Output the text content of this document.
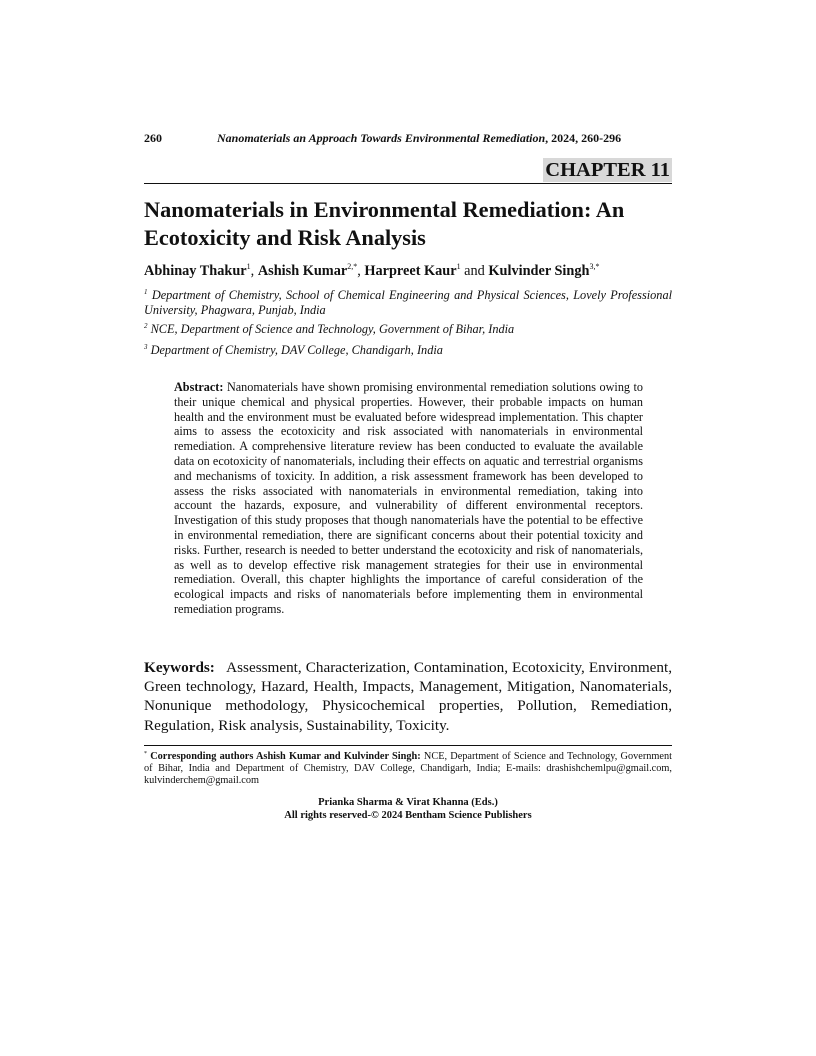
260	Nanomaterials an Approach Towards Environmental Remediation, 2024, 260-296
CHAPTER 11
Nanomaterials in Environmental Remediation: An
Ecotoxicity and Risk Analysis
Abhinay Thakur$^1$, Ashish Kumar$^{2,*}$, Harpreet Kaur$^1$ and Kulvinder Singh$^{3,*}$
$^1$ Department of Chemistry, School of Chemical Engineering and Physical Sciences, Lovely Professional University, Phagwara, Punjab, India
$^2$ NCE, Department of Science and Technology, Government of Bihar, India
$^3$ Department of Chemistry, DAV College, Chandigarh, India
Abstract: Nanomaterials have shown promising environmental remediation solutions owing to their unique chemical and physical properties. However, their probable impacts on human health and the environment must be evaluated before widespread implementation. This chapter aims to assess the ecotoxicity and risk associated with nanomaterials in environmental remediation. A comprehensive literature review has been conducted to evaluate the available data on ecotoxicity of nanomaterials, including their effects on aquatic and terrestrial organisms and mechanisms of toxicity. In addition, a risk assessment framework has been developed to assess the risks associated with nanomaterials in environmental remediation, taking into account the hazards, exposure, and vulnerability of different environmental receptors. Investigation of this study proposes that though nanomaterials have the potential to be effective in environmental remediation, there are significant concerns about their potential toxicity and risks. Further, research is needed to better understand the ecotoxicity and risk of nanomaterials, as well as to develop effective risk management strategies for their use in environmental remediation. Overall, this chapter highlights the importance of careful consideration of the ecological impacts and risks of nanomaterials before implementing them in environmental remediation programs.
Keywords: Assessment, Characterization, Contamination, Ecotoxicity, Environment, Green technology, Hazard, Health, Impacts, Management, Mitigation, Nanomaterials, Nonunique methodology, Physicochemical properties, Pollution, Remediation, Regulation, Risk analysis, Sustainability, Toxicity.
* Corresponding authors Ashish Kumar and Kulvinder Singh: NCE, Department of Science and Technology, Government of Bihar, India and Department of Chemistry, DAV College, Chandigarh, India; E-mails: drashishchemlpu@gmail.com, kulvinderchem@gmail.com
Prianka Sharma & Virat Khanna (Eds.)
All rights reserved-© 2024 Bentham Science Publishers
